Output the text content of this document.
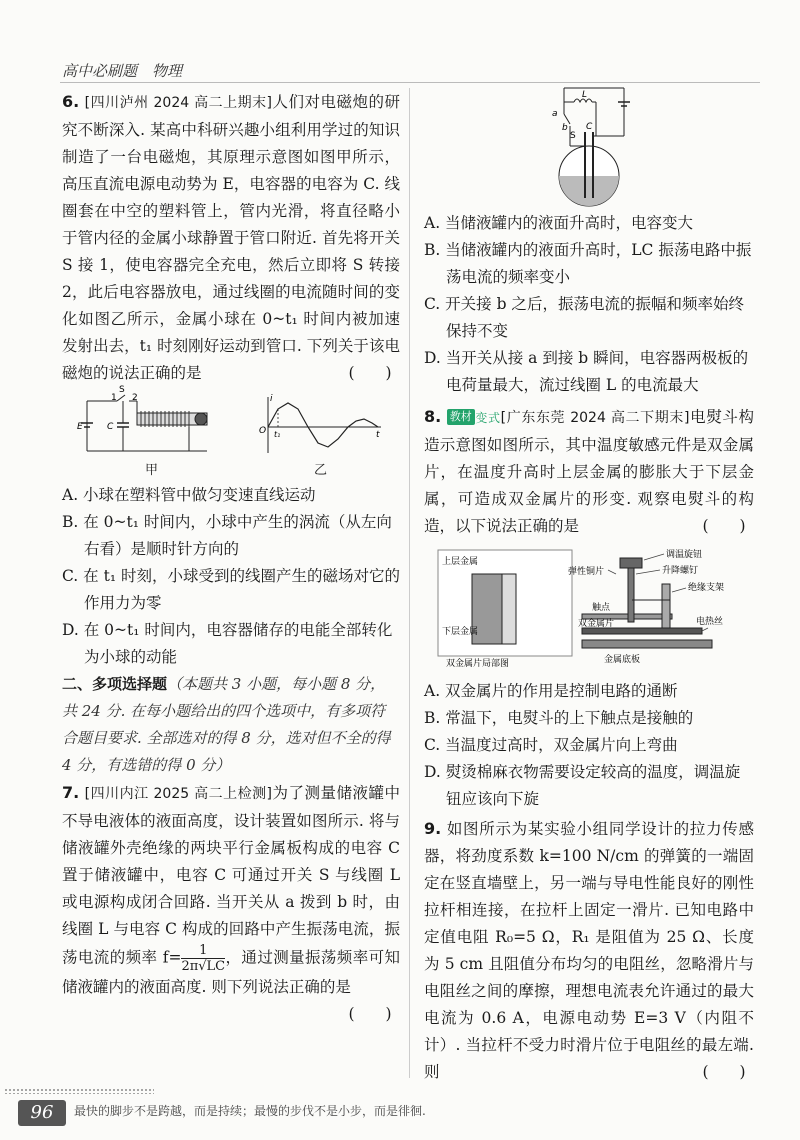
高中必刷题　物理

6. [四川泸州 2024 高二上期末]人们对电磁炮的研究不断深入. 某高中科研兴趣小组利用学过的知识制造了一台电磁炮，其原理示意图如图甲所示，高压直流电源电动势为 E，电容器的电容为 C. 线圈套在中空的塑料管上，管内光滑，将直径略小于管内径的金属小球静置于管口附近. 首先将开关 S 接 1，使电容器完全充电，然后立即将 S 转接 2，此后电容器放电，通过线圈的电流随时间的变化如图乙所示，金属小球在 0~t₁ 时间内被加速发射出去，t₁ 时刻刚好运动到管口. 下列关于该电磁炮的说法正确的是	(　　)

1
S
2
E	C
甲
i
O t₁	t
乙

A. 小球在塑料管中做匀变速直线运动

B. 在 0~t₁ 时间内，小球中产生的涡流（从左向右看）是顺时针方向的

C. 在 t₁ 时刻，小球受到的线圈产生的磁场对它的作用力为零

D. 在 0~t₁ 时间内，电容器储存的电能全部转化为小球的动能

二、多项选择题（本题共 3 小题，每小题 8 分，共 24 分. 在每小题给出的四个选项中，有多项符合题目要求. 全部选对的得 8 分，选对但不全的得 4 分，有选错的得 0 分）

7. [四川内江 2025 高二上检测]为了测量储液罐中不导电液体的液面高度，设计装置如图所示. 将与储液罐外壳绝缘的两块平行金属板构成的电容 C 置于储液罐中，电容 C 可通过开关 S 与线圈 L 或电源构成闭合回路. 当开关从 a 拨到 b 时，由线圈 L 与电容 C 构成的回路中产生振荡电流，振荡电流的频率 $f= \frac{1}{2\pi√LC}$，通过测量振荡频率可知储液罐内的液面高度. 则下列说法正确的是
(　　)

a
b
S
L
C

A. 当储液罐内的液面升高时，电容变大

B. 当储液罐内的液面升高时，LC 振荡电路中振荡电流的频率变小

C. 开关接 b 之后，振荡电流的振幅和频率始终保持不变

D. 当开关从接 a 到接 b 瞬间，电容器两极板的电荷量最大，流过线圈 L 的电流最大

8. 教材 变式[广东东莞 2024 高二下期末]电熨斗构造示意图如图所示，其中温度敏感元件是双金属片，在温度升高时上层金属的膨胀大于下层金属，可造成双金属片的形变. 观察电熨斗的构造，以下说法正确的是	(　　)

上层金属
下层金属
双金属片局部图
调温旋钮
弹性铜片	升降螺钉
绝缘支架
触点
双金属片	电热丝
金属底板

A. 双金属片的作用是控制电路的通断

B. 常温下，电熨斗的上下触点是接触的

C. 当温度过高时，双金属片向上弯曲

D. 熨烫棉麻衣物需要设定较高的温度，调温旋钮应该向下旋

9. 如图所示为某实验小组同学设计的拉力传感器，将劲度系数 k=100 N/cm 的弹簧的一端固定在竖直墙壁上，另一端与导电性能良好的刚性拉杆相连接，在拉杆上固定一滑片. 已知电路中定值电阻 R₀=5 Ω，R₁ 是阻值为 25 Ω、长度为 5 cm 且阻值分布均匀的电阻丝，忽略滑片与电阻丝之间的摩擦，理想电流表允许通过的最大电流为 0.6 A，电源电动势 E=3 V（内阻不计）. 当拉杆不受力时滑片位于电阻丝的最左端. 则	(　　)

96	最快的脚步不是跨越，而是持续；最慢的步伐不是小步，而是徘徊.
